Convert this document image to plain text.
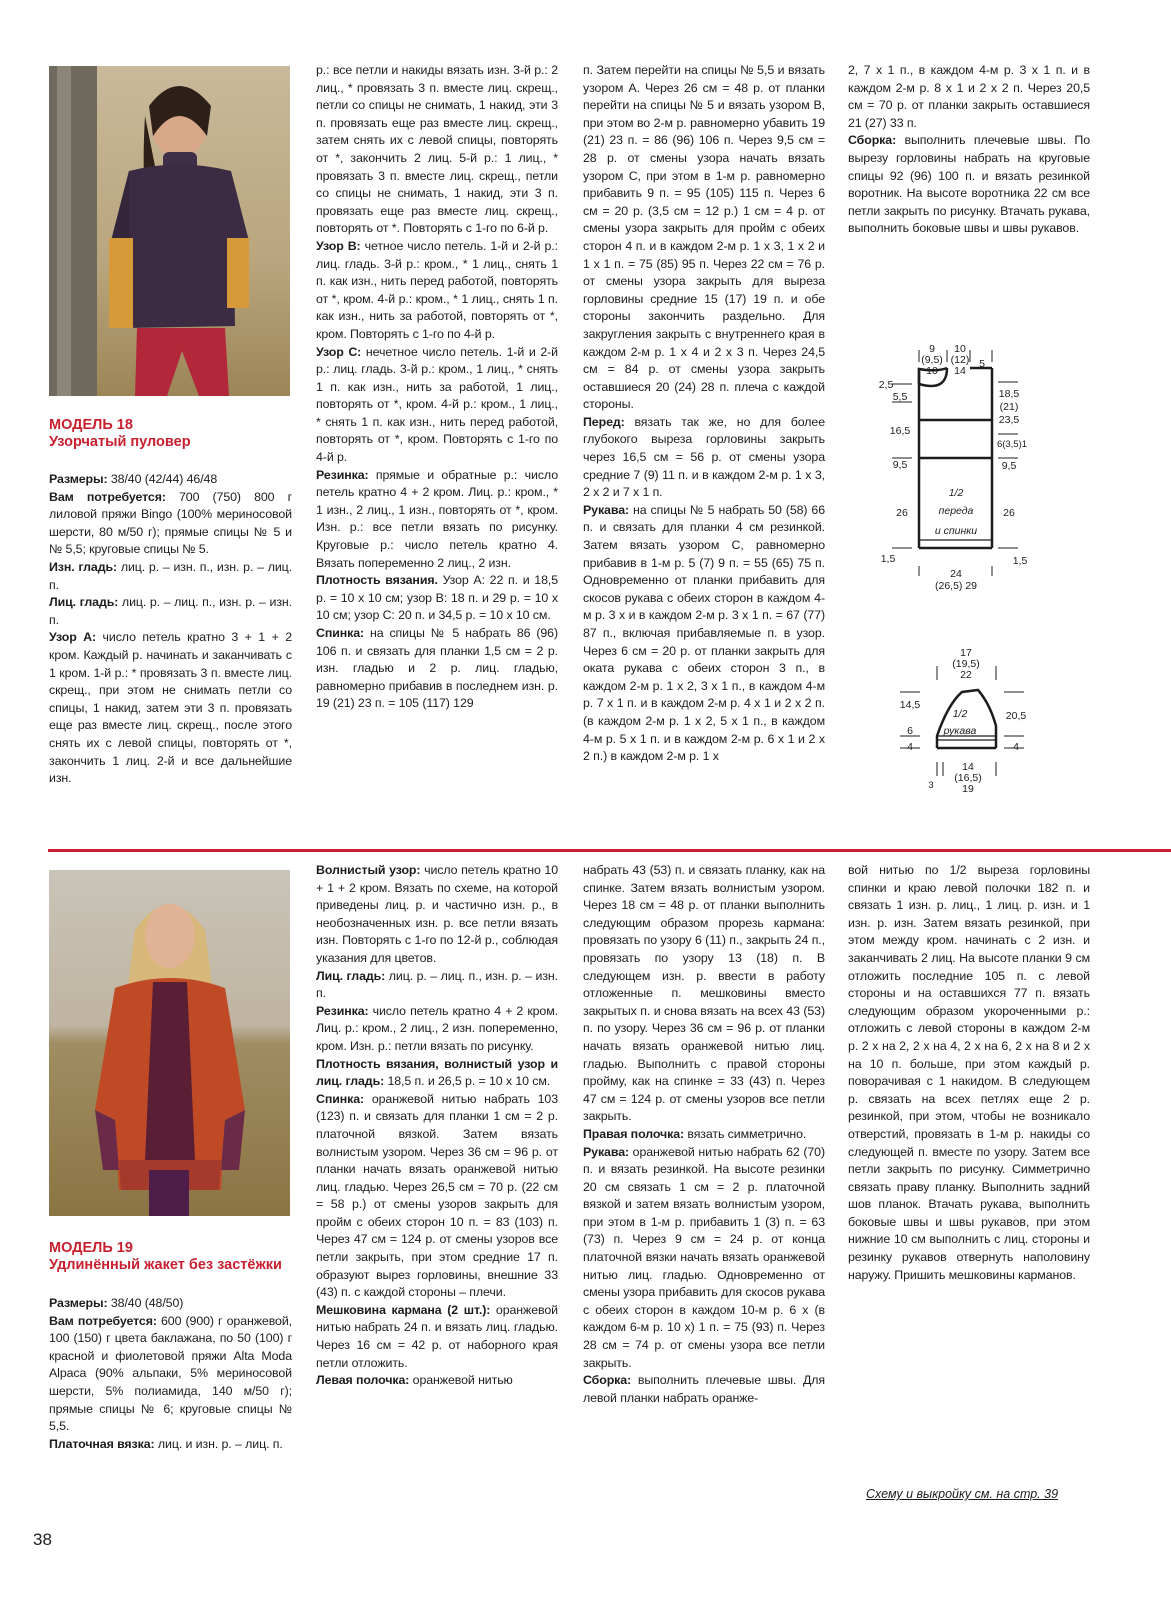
МОДЕЛЬ 18
Узорчатый пуловер

Размеры: 38/40 (42/44) 46/48

Вам потребуется: 700 (750) 800 г лиловой пряжи Bingo (100% мериносовой шерсти, 80 м/50 г); прямые спицы № 5 и № 5,5; круговые спицы № 5.

Изн. гладь: лиц. р. – изн. п., изн. р. – лиц. п.

Лиц. гладь: лиц. р. – лиц. п., изн. р. – изн. п.

Узор А: число петель кратно 3 + 1 + 2 кром. Каждый р. начинать и заканчивать с 1 кром. 1-й р.: * провязать 3 п. вместе лиц. скрещ., при этом не снимать петли со спицы, 1 накид, затем эти 3 п. провязать еще раз вместе лиц. скрещ., после этого снять их с левой спицы, повторять от *, закончить 1 лиц. 2-й и все дальнейшие изн.

р.: все петли и накиды вязать изн. 3-й р.: 2 лиц., * провязать 3 п. вместе лиц. скрещ., петли со спицы не снимать, 1 накид, эти 3 п. провязать еще раз вместе лиц. скрещ., затем снять их с левой спицы, повторять от *, закончить 2 лиц. 5-й р.: 1 лиц., * провязать 3 п. вместе лиц. скрещ., петли со спицы не снимать, 1 накид, эти 3 п. провязать еще раз вместе лиц. скрещ., повторять от *. Повторять с 1-го по 6-й р.

Узор В: четное число петель. 1-й и 2-й р.: лиц. гладь. 3-й р.: кром., * 1 лиц., снять 1 п. как изн., нить перед работой, повторять от *, кром. 4-й р.: кром., * 1 лиц., снять 1 п. как изн., нить за работой, повторять от *, кром. Повторять с 1-го по 4-й р.

Узор С: нечетное число петель. 1-й и 2-й р.: лиц. гладь. 3-й р.: кром., 1 лиц., * снять 1 п. как изн., нить за работой, 1 лиц., повторять от *, кром. 4-й р.: кром., 1 лиц., * снять 1 п. как изн., нить перед работой, повторять от *, кром. Повторять с 1-го по 4-й р.

Резинка: прямые и обратные р.: число петель кратно 4 + 2 кром. Лиц. р.: кром., * 1 изн., 2 лиц., 1 изн., повторять от *, кром. Изн. р.: все петли вязать по рисунку. Круговые р.: число петель кратно 4. Вязать попеременно 2 лиц., 2 изн.

Плотность вязания. Узор А: 22 п. и 18,5 р. = 10 х 10 см; узор В: 18 п. и 29 р. = 10 х 10 см; узор С: 20 п. и 34,5 р. = 10 х 10 см.

Спинка: на спицы № 5 набрать 86 (96) 106 п. и связать для планки 1,5 см = 2 р. изн. гладью и 2 р. лиц. гладью, равномерно прибавив в последнем изн. р. 19 (21) 23 п. = 105 (117) 129

п. Затем перейти на спицы № 5,5 и вязать узором А. Через 26 см = 48 р. от планки перейти на спицы № 5 и вязать узором В, при этом во 2-м р. равномерно убавить 19 (21) 23 п. = 86 (96) 106 п. Через 9,5 см = 28 р. от смены узора начать вязать узором С, при этом в 1-м р. равномерно прибавить 9 п. = 95 (105) 115 п. Через 6 см = 20 р. (3,5 см = 12 р.) 1 см = 4 р. от смены узора закрыть для пройм с обеих сторон 4 п. и в каждом 2-м р. 1 х 3, 1 х 2 и 1 х 1 п. = 75 (85) 95 п. Через 22 см = 76 р. от смены узора закрыть для выреза горловины средние 15 (17) 19 п. и обе стороны закончить раздельно. Для закругления закрыть с внутреннего края в каждом 2-м р. 1 х 4 и 2 х 3 п. Через 24,5 см = 84 р. от смены узора закрыть оставшиеся 20 (24) 28 п. плеча с каждой стороны.

Перед: вязать так же, но для более глубокого выреза горловины закрыть через 16,5 см = 56 р. от смены узора средние 7 (9) 11 п. и в каждом 2-м р. 1 х 3, 2 х 2 и 7 х 1 п.

Рукава: на спицы № 5 набрать 50 (58) 66 п. и связать для планки 4 см резинкой. Затем вязать узором С, равномерно прибавив в 1-м р. 5 (7) 9 п. = 55 (65) 75 п. Одновременно от планки прибавить для скосов рукава с обеих сторон в каждом 4-м р. 3 х и в каждом 2-м р. 3 х 1 п. = 67 (77) 87 п., включая прибавляемые п. в узор. Через 6 см = 20 р. от планки закрыть для оката рукава с обеих сторон 3 п., в каждом 2-м р. 1 х 2, 3 х 1 п., в каждом 4-м р. 7 х 1 п. и в каждом 2-м р. 4 х 1 и 2 х 2 п. (в каждом 2-м р. 1 х 2, 5 х 1 п., в каждом 4-м р. 5 х 1 п. и в каждом 2-м р. 6 х 1 и 2 х 2 п.) в каждом 2-м р. 1 х

2, 7 х 1 п., в каждом 4-м р. 3 х 1 п. и в каждом 2-м р. 8 х 1 и 2 х 2 п. Через 20,5 см = 70 р. от планки закрыть оставшиеся 21 (27) 33 п.

Сборка: выполнить плечевые швы. По вырезу горловины набрать на круговые спицы 92 (96) 100 п. и вязать резинкой воротник. На высоте воротника 22 см все петли закрыть по рисунку. Втачать рукава, выполнить боковые швы и швы рукавов.

9
(9,5)
10
10
(12)
14
5
2,5
5,5
16,5
9,5
26
1,5
18,5
(21)
23,5
6(3,5)1
9,5
26
1,5
1/2
переда
и спинки
24
(26,5) 29
17
(19,5)
22
14,5
6
4
20,5
4
1/2
рукава
14
(16,5)
19
3
МОДЕЛЬ 19
Удлинённый жакет без застёжки

Размеры: 38/40 (48/50)

Вам потребуется: 600 (900) г оранжевой, 100 (150) г цвета баклажана, по 50 (100) г красной и фиолетовой пряжи Alta Moda Alpaca (90% альпаки, 5% мериносовой шерсти, 5% полиамида, 140 м/50 г); прямые спицы № 6; круговые спицы № 5,5.

Платочная вязка: лиц. и изн. р. – лиц. п.

Волнистый узор: число петель кратно 10 + 1 + 2 кром. Вязать по схеме, на которой приведены лиц. р. и частично изн. р., в необозначенных изн. р. все петли вязать изн. Повторять с 1-го по 12-й р., соблюдая указания для цветов.

Лиц. гладь: лиц. р. – лиц. п., изн. р. – изн. п.

Резинка: число петель кратно 4 + 2 кром. Лиц. р.: кром., 2 лиц., 2 изн. попеременно, кром. Изн. р.: петли вязать по рисунку.

Плотность вязания, волнистый узор и лиц. гладь: 18,5 п. и 26,5 р. = 10 х 10 см.

Спинка: оранжевой нитью набрать 103 (123) п. и связать для планки 1 см = 2 р. платочной вязкой. Затем вязать волнистым узором. Через 36 см = 96 р. от планки начать вязать оранжевой нитью лиц. гладью. Через 26,5 см = 70 р. (22 см = 58 р.) от смены узоров закрыть для пройм с обеих сторон 10 п. = 83 (103) п. Через 47 см = 124 р. от смены узоров все петли закрыть, при этом средние 17 п. образуют вырез горловины, внешние 33 (43) п. с каждой стороны – плечи.

Мешковина кармана (2 шт.): оранжевой нитью набрать 24 п. и вязать лиц. гладью. Через 16 см = 42 р. от наборного края петли отложить.

Левая полочка: оранжевой нитью

набрать 43 (53) п. и связать планку, как на спинке. Затем вязать волнистым узором. Через 18 см = 48 р. от планки выполнить следующим образом прорезь кармана: провязать по узору 6 (11) п., закрыть 24 п., провязать по узору 13 (18) п. В следующем изн. р. ввести в работу отложенные п. мешковины вместо закрытых п. и снова вязать на всех 43 (53) п. по узору. Через 36 см = 96 р. от планки начать вязать оранжевой нитью лиц. гладью. Выполнить с правой стороны пройму, как на спинке = 33 (43) п. Через 47 см = 124 р. от смены узоров все петли закрыть.

Правая полочка: вязать симметрично.

Рукава: оранжевой нитью набрать 62 (70) п. и вязать резинкой. На высоте резинки 20 см связать 1 см = 2 р. платочной вязкой и затем вязать волнистым узором, при этом в 1-м р. прибавить 1 (3) п. = 63 (73) п. Через 9 см = 24 р. от конца платочной вязки начать вязать оранжевой нитью лиц. гладью. Одновременно от смены узора прибавить для скосов рукава с обеих сторон в каждом 10-м р. 6 х (в каждом 6-м р. 10 х) 1 п. = 75 (93) п. Через 28 см = 74 р. от смены узора все петли закрыть.

Сборка: выполнить плечевые швы. Для левой планки набрать оранже-

вой нитью по 1/2 выреза горловины спинки и краю левой полочки 182 п. и связать 1 изн. р. лиц., 1 лиц. р. изн. и 1 изн. р. изн. Затем вязать резинкой, при этом между кром. начинать с 2 изн. и заканчивать 2 лиц. На высоте планки 9 см отложить последние 105 п. с левой стороны и на оставшихся 77 п. вязать следующим образом укороченными р.: отложить с левой стороны в каждом 2-м р. 2 х на 2, 2 х на 4, 2 х на 6, 2 х на 8 и 2 х на 10 п. больше, при этом каждый р. поворачивая с 1 накидом. В следующем р. связать на всех петлях еще 2 р. резинкой, при этом, чтобы не возникало отверстий, провязать в 1-м р. накиды со следующей п. вместе по узору. Затем все петли закрыть по рисунку. Симметрично связать праву планку. Выполнить задний шов планок. Втачать рукава, выполнить боковые швы и швы рукавов, при этом нижние 10 см выполнить с лиц. стороны и резинку рукавов отвернуть наполовину наружу. Пришить мешковины карманов.

Схему и выкройку см. на стр. 39
38
